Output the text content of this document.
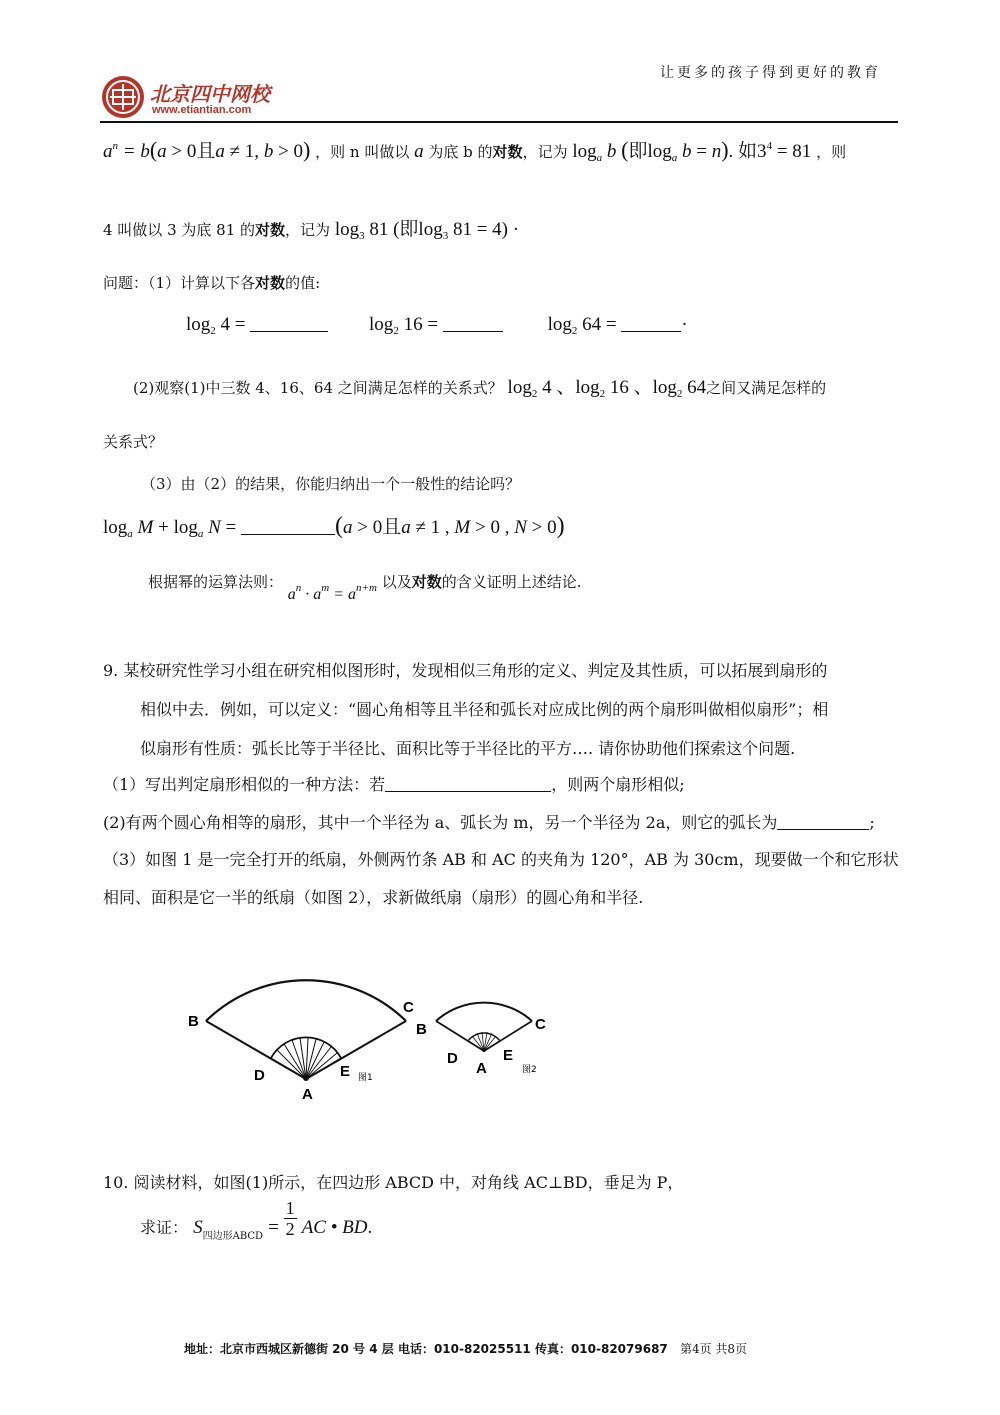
北京四中网校
www.etiantian.com
让更多的孩子得到更好的教育
$a^n = b(a > 0$且a ≠ 1, b > 0) ，则 n 叫做以 a 为底 b 的对数，记为 $\log_a b$ (即$\log_a b = n$). 如$3^4 = 81$ ，则
4 叫做以 3 为底 81 的对数，记为 $\log_3 81$ (即$\log_3 81 = 4$) ·
问题：（1）计算以下各对数的值:
$\log_2 4$ =	$\log_2 16$ =	$\log_2 64$ =	·
(2)观察(1)中三数 4、16、64 之间满足怎样的关系式？ $\log_2 4$ 、$\log_2 16$ 、$\log_2 64$之间又满足怎样的
关系式？
（3）由（2）的结果，你能归纳出一个一般性的结论吗？
$\log_a M + \log_a N$ =	(a > 0且a ≠ 1 , M > 0 , N > 0)
根据幂的运算法则： $a^n \cdot a^m = a^{n+m}$ 以及对数的含义证明上述结论.
9. 某校研究性学习小组在研究相似图形时，发现相似三角形的定义、判定及其性质，可以拓展到扇形的
相似中去．例如，可以定义：“圆心角相等且半径和弧长对应成比例的两个扇形叫做相似扇形”；相
似扇形有性质：弧长比等于半径比、面积比等于半径比的平方…. 请你协助他们探索这个问题.
（1）写出判定扇形相似的一种方法：若	，则两个扇形相似;
(2)有两个圆心角相等的扇形，其中一个半径为 a、弧长为 m，另一个半径为 2a，则它的弧长为	;
（3）如图 1 是一完全打开的纸扇，外侧两竹条 AB 和 AC 的夹角为 120°，AB 为 30cm，现要做一个和它形状
相同、面积是它一半的纸扇（如图 2），求新做纸扇（扇形）的圆心角和半径.
B
C
D	E
A
图1
B	C
D	E
A	图2
10. 阅读材料，如图(1)所示，在四边形 ABCD 中，对角线 AC⊥BD，垂足为 P，
求证： $S_{四边形ABCD} = \frac{1}{2}$ AC • BD.
地址：北京市西城区新德街 20 号 4 层 电话：010-82025511 传真：010-82079687 第4页 共8页
